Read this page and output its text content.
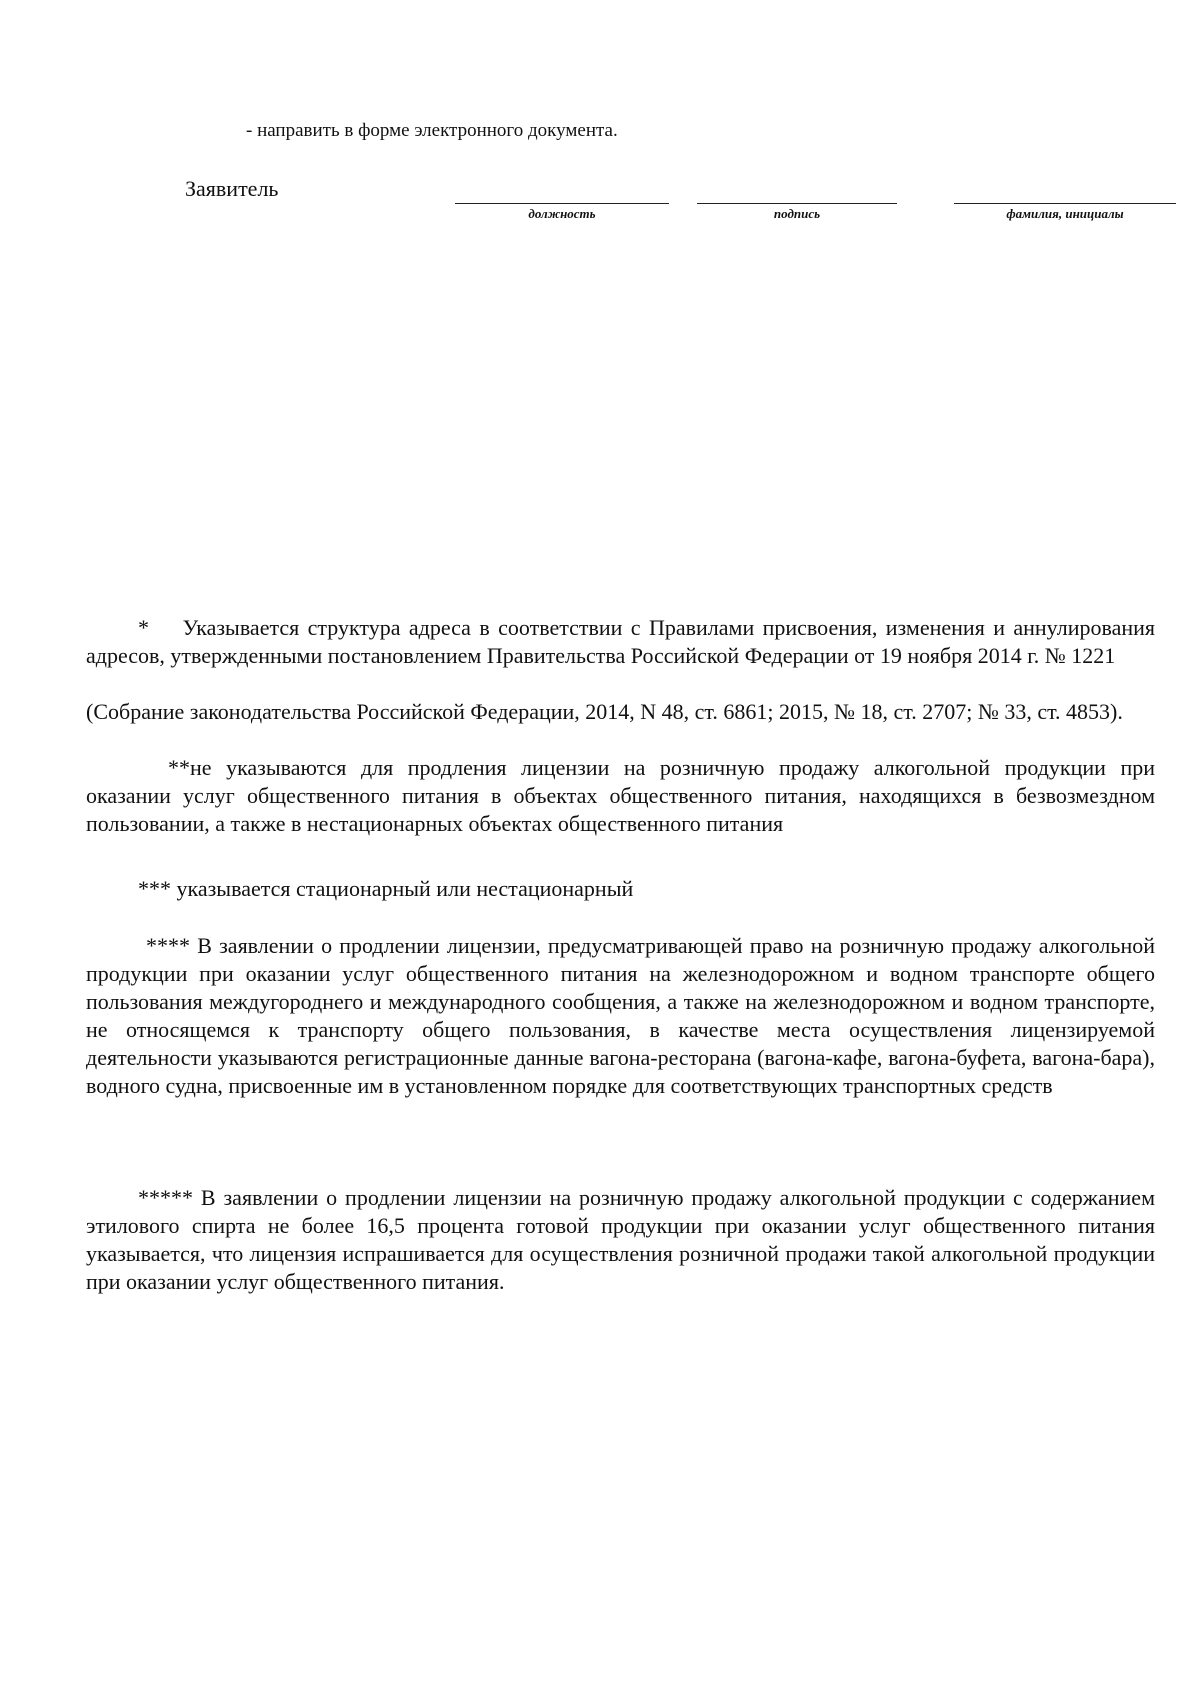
- направить в форме электронного документа.
Заявитель
должность	подпись	фамилия, инициалы
* Указывается структура адреса в соответствии с Правилами присвоения, изменения и аннулирования адресов, утвержденными постановлением Правительства Российской Федерации от 19 ноября 2014 г. № 1221
(Собрание законодательства Российской Федерации, 2014, N 48, ст. 6861; 2015, № 18, ст. 2707; № 33, ст. 4853).
**не указываются для продления лицензии на розничную продажу алкогольной продукции при оказании услуг общественного питания в объектах общественного питания, находящихся в безвозмездном пользовании, а также в нестационарных объектах общественного питания
*** указывается стационарный или нестационарный
**** В заявлении о продлении лицензии, предусматривающей право на розничную продажу алкогольной продукции при оказании услуг общественного питания на железнодорожном и водном транспорте общего пользования междугороднего и международного сообщения, а также на железнодорожном и водном транспорте, не относящемся к транспорту общего пользования, в качестве места осуществления лицензируемой деятельности указываются регистрационные данные вагона-ресторана (вагона-кафе, вагона-буфета, вагона-бара), водного судна, присвоенные им в установленном порядке для соответствующих транспортных средств
***** В заявлении о продлении лицензии на розничную продажу алкогольной продукции с содержанием этилового спирта не более 16,5 процента готовой продукции при оказании услуг общественного питания указывается, что лицензия испрашивается для осуществления розничной продажи такой алкогольной продукции при оказании услуг общественного питания.
